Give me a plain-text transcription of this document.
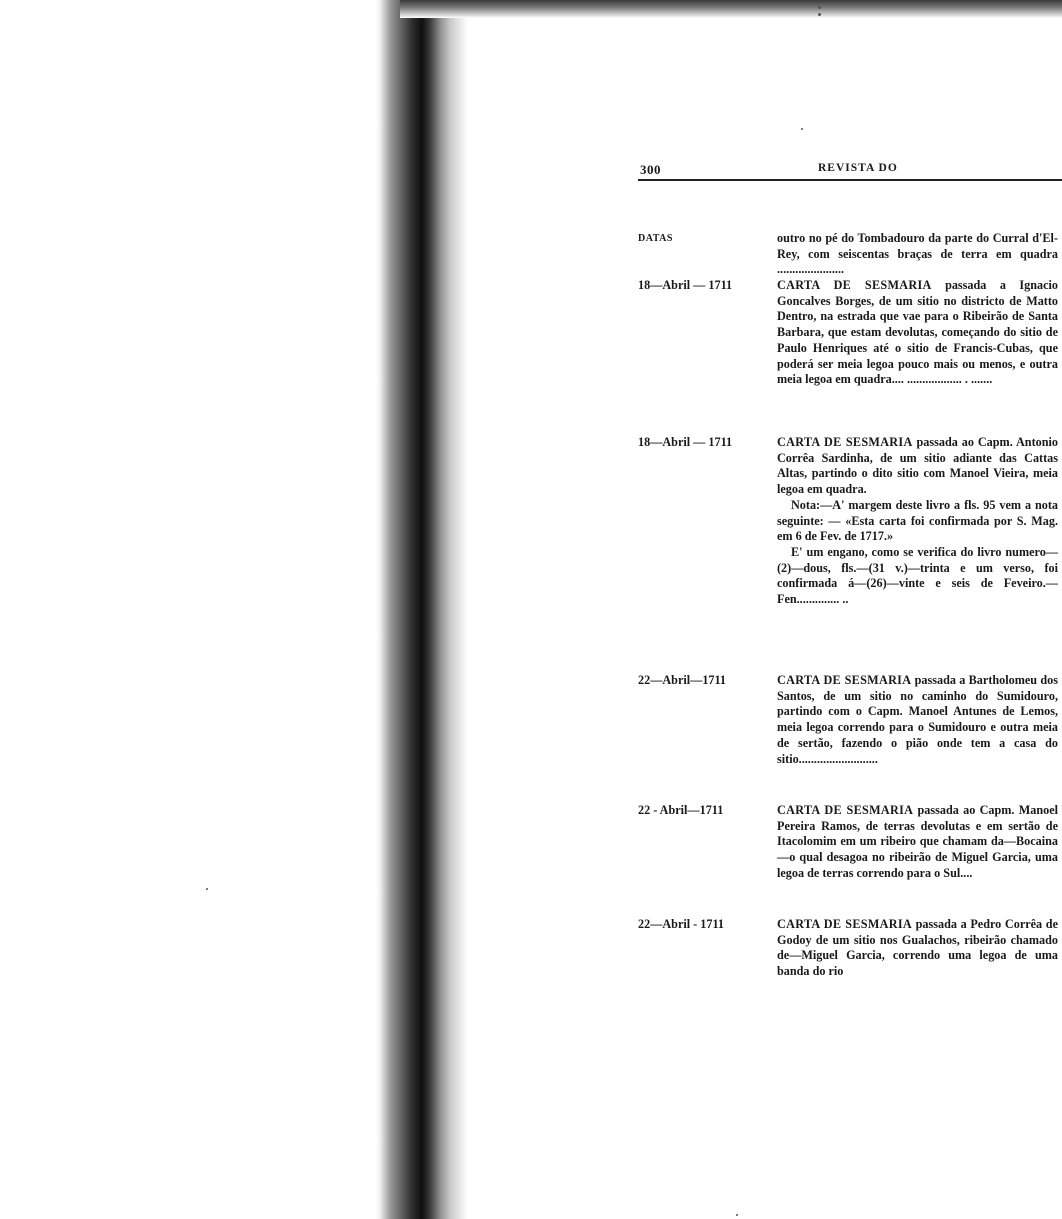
300	REVISTA DO
DATAS	outro no pé do Tombadouro da parte do Curral d'El-Rey, com seiscentas braças de terra em quadra ......................

18—Abril — 1711	CARTA DE SESMARIA passada a Ignacio Goncalves Borges, de um sitio no districto de Matto Dentro, na estrada que vae para o Ribeirão de Santa Barbara, que estam devolutas, começando do sitio de Paulo Henriques até o sitio de Francis-Cubas, que poderá ser meia legoa pouco mais ou menos, e outra meia legoa em quadra.... .................. . .......

18—Abril — 1711	CARTA DE SESMARIA passada ao Capm. Antonio Corrêa Sardinha, de um sitio adiante das Cattas Altas, partindo o dito sitio com Manoel Vieira, meia legoa em quadra.

Nota:—A' margem deste livro a fls. 95 vem a nota seguinte: — «Esta carta foi confirmada por S. Mag. em 6 de Fev. de 1717.»

E' um engano, como se verifica do livro numero—(2)—dous, fls.—(31 v.)—trinta e um verso, foi confirmada á—(26)—vinte e seis de Feveiro.—Fen.............. ..

22—Abril—1711	CARTA DE SESMARIA passada a Bartholomeu dos Santos, de um sitio no caminho do Sumidouro, partindo com o Capm. Manoel Antunes de Lemos, meia legoa correndo para o Sumidouro e outra meia de sertão, fazendo o pião onde tem a casa do sitio..........................

22 - Abril—1711	CARTA DE SESMARIA passada ao Capm. Manoel Pereira Ramos, de terras devolutas e em sertão de Itacolomim em um ribeiro que chamam da—Bocaina—o qual desagoa no ribeirão de Miguel Garcia, uma legoa de terras correndo para o Sul....

22—Abril - 1711	CARTA DE SESMARIA passada a Pedro Corrêa de Godoy de um sitio nos Gualachos, ribeirão chamado de—Miguel Garcia, correndo uma legoa de uma banda do rio
